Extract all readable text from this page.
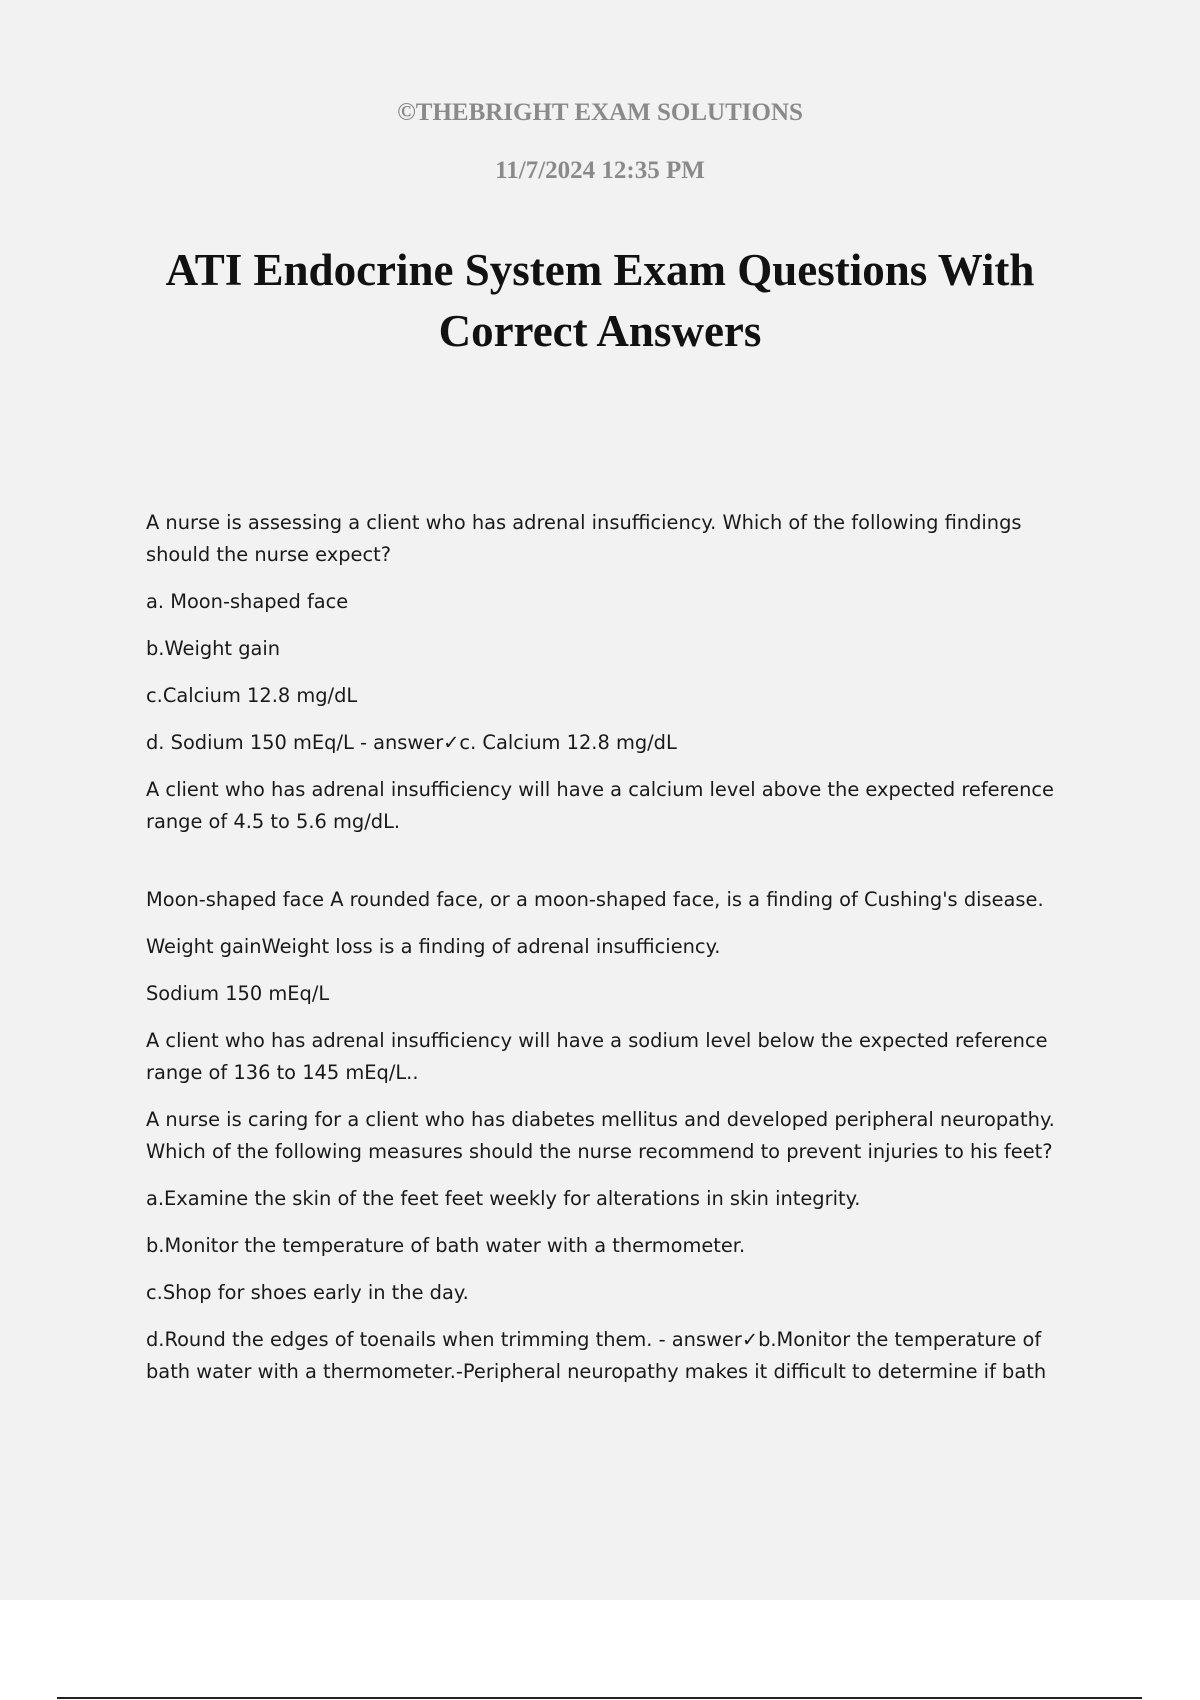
©THEBRIGHT EXAM SOLUTIONS
11/7/2024 12:35 PM
ATI Endocrine System Exam Questions With Correct Answers

A nurse is assessing a client who has adrenal insufficiency. Which of the following findings should the nurse expect?

a. Moon-shaped face

b.Weight gain

c.Calcium 12.8 mg/dL

d. Sodium 150 mEq/L - answer✓c. Calcium 12.8 mg/dL

A client who has adrenal insufficiency will have a calcium level above the expected reference range of 4.5 to 5.6 mg/dL.

Moon-shaped face A rounded face, or a moon-shaped face, is a finding of Cushing's disease.

Weight gainWeight loss is a finding of adrenal insufficiency.

Sodium 150 mEq/L

A client who has adrenal insufficiency will have a sodium level below the expected reference range of 136 to 145 mEq/L..

A nurse is caring for a client who has diabetes mellitus and developed peripheral neuropathy. Which of the following measures should the nurse recommend to prevent injuries to his feet?

a.Examine the skin of the feet feet weekly for alterations in skin integrity.

b.Monitor the temperature of bath water with a thermometer.

c.Shop for shoes early in the day.

d.Round the edges of toenails when trimming them. - answer✓b.Monitor the temperature of bath water with a thermometer.-Peripheral neuropathy makes it difficult to determine if bath
